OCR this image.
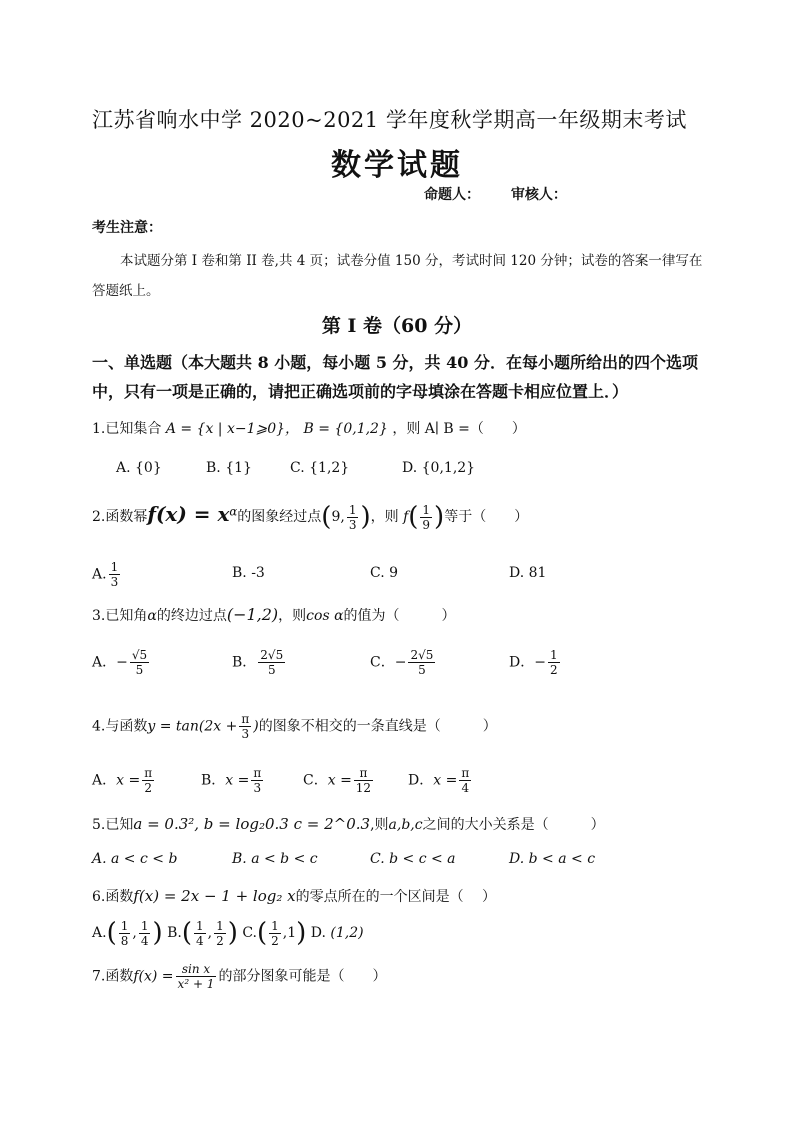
江苏省响水中学 2020~2021 学年度秋学期高一年级期末考试
数学试题
命题人： 审核人：
考生注意：
本试题分第 I 卷和第 II 卷,共 4 页；试卷分值 150 分，考试时间 120 分钟；试卷的答案一律写在答题纸上。
第 I 卷（60 分）
一、单选题（本大题共 8 小题，每小题 5 分，共 40 分．在每小题所给出的四个选项中，只有一项是正确的，请把正确选项前的字母填涂在答题卡相应位置上．）
1.已知集合 A = {x | x−1⩾0}， B = {0,1,2} ，则 A∣ B =（　　）
A. {0}	B. {1}	C. {1,2}	D. {0,1,2}
2.函数幂$f(x) = x^\alpha$的图象经过点(9, $\frac{1}{3}$ )，则 $f( \frac{1}{9}$ )等于（　　）
A. $\frac{1}{3}$	B. -3	C. 9	D. 81
3.已知角α的终边过点(−1,2)，则cos α的值为（　　　）
A．− $\frac{√5}{5}$	B． $\frac{2√5}{5}$	C．− $\frac{2√5}{5}$	D．− $\frac{1}{2}$
4.与函数$y = \tan(2x + \frac{\pi}{3}$ )的图象不相交的一条直线是（　　　）
A．$x = \frac{\pi}{2}$	B．$x = \frac{\pi}{3}$	C．$x = \frac{\pi}{12}$ D．$x = \frac{\pi}{4}$
5.已知a = 0.3², b = log₂0.3 c = 2^0.3,则a,b,c之间的大小关系是（　　　）
A. a < c < b	B. a < b < c	C. b < c < a	D. b < a < c
6.函数f(x) = 2x − 1 + log₂ x的零点所在的一个区间是（　 ）
$A.( \frac{1}{8}$ , $\frac{1}{4}$ ) $B.( \frac{1}{4}$ , $\frac{1}{2}$ ) $C.( \frac{1}{2} ,1)$ D. (1,2)
7.函数$f(x) = \frac{\text{sin x}}{\text{x² + 1}}$ 的部分图象可能是（　　）
